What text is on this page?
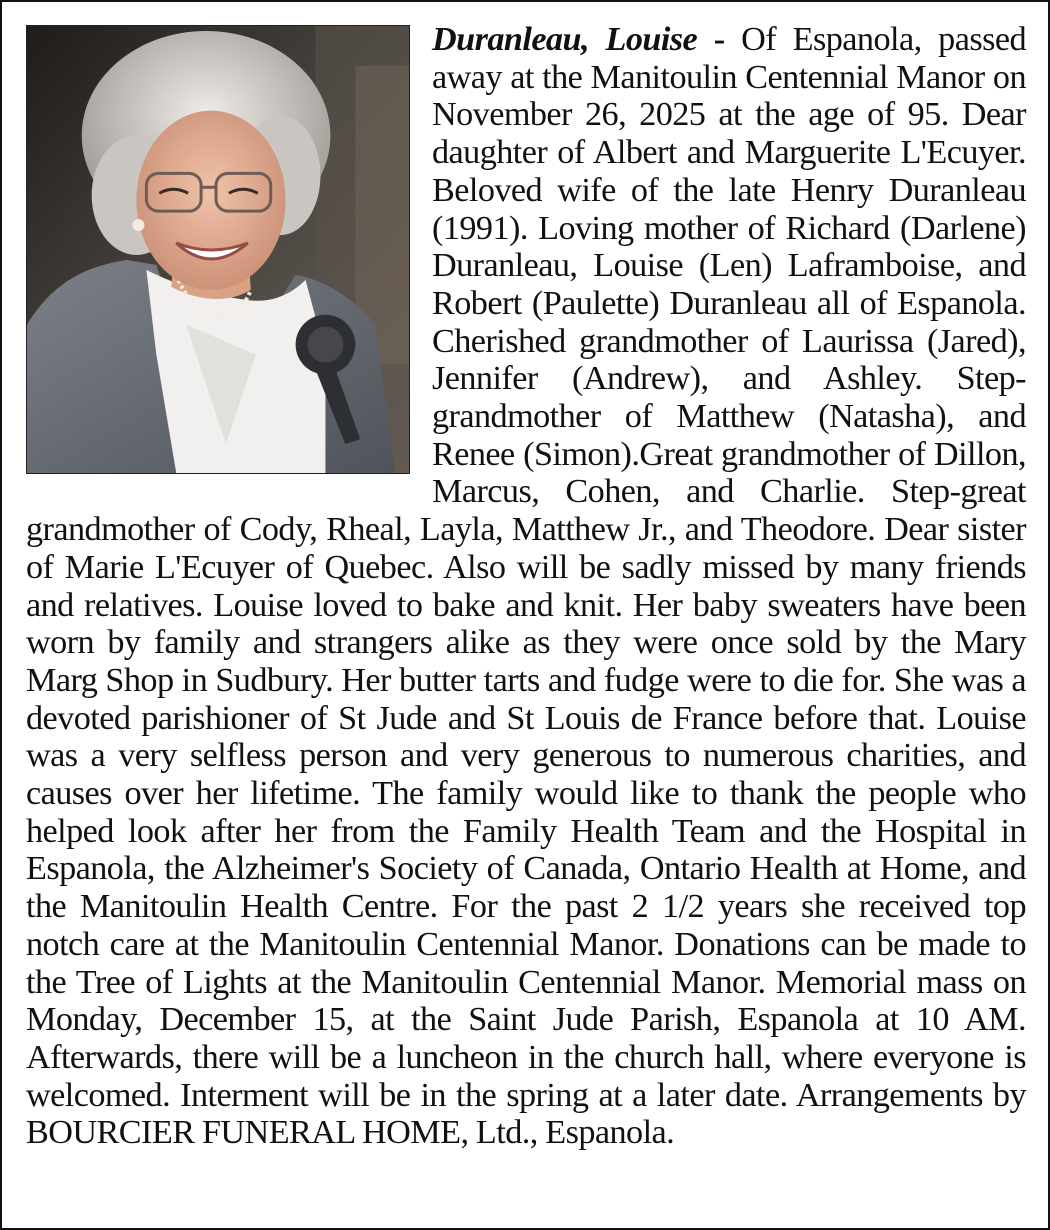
Duranleau, Louise - Of Espanola, passed away at the Manitoulin Centennial Manor on November 26, 2025 at the age of 95. Dear daughter of Albert and Marguerite L'Ecuyer. Beloved wife of the late Henry Duranleau (1991). Loving mother of Richard (Darlene) Duranleau, Louise (Len) Laframboise, and Robert (Paulette) Duranleau all of Espanola. Cherished grandmother of Laurissa (Jared), Jennifer (Andrew), and Ashley. Step-grandmother of Matthew (Natasha), and Renee (Simon).Great grandmother of Dillon, Marcus, Cohen, and Charlie. Step-great grandmother of Cody, Rheal, Layla, Matthew Jr., and Theodore. Dear sister of Marie L'Ecuyer of Quebec. Also will be sadly missed by many friends and relatives. Louise loved to bake and knit. Her baby sweaters have been worn by family and strangers alike as they were once sold by the Mary Marg Shop in Sudbury. Her butter tarts and fudge were to die for. She was a devoted parishioner of St Jude and St Louis de France before that. Louise was a very selfless person and very generous to numerous charities, and causes over her lifetime. The family would like to thank the people who helped look after her from the Family Health Team and the Hospital in Espanola, the Alzheimer's Society of Canada, Ontario Health at Home, and the Manitoulin Health Centre. For the past 2 1/2 years she received top notch care at the Manitoulin Centennial Manor. Donations can be made to the Tree of Lights at the Manitoulin Centennial Manor. Memorial mass on Monday, December 15, at the Saint Jude Parish, Espanola at 10 AM. Afterwards, there will be a luncheon in the church hall, where everyone is welcomed. Interment will be in the spring at a later date. Arrangements by BOURCIER FUNERAL HOME, Ltd., Espanola.
